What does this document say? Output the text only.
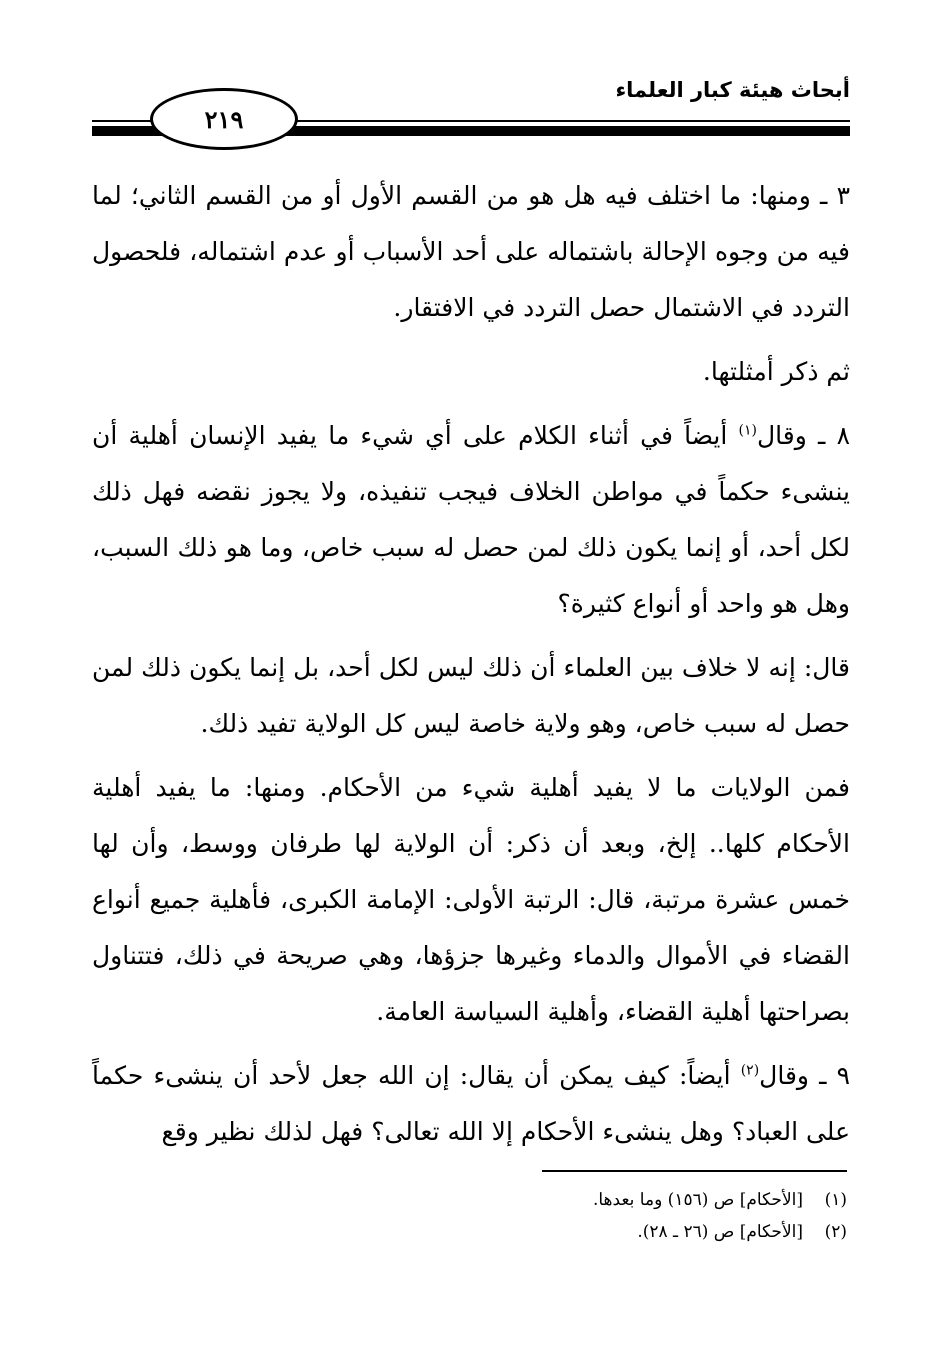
أبحاث هيئة كبار العلماء
٢١٩

٣ ـ ومنها: ما اختلف فيه هل هو من القسم الأول أو من القسم الثاني؛ لما فيه من وجوه الإحالة باشتماله على أحد الأسباب أو عدم اشتماله، فلحصول التردد في الاشتمال حصل التردد في الافتقار.

ثم ذكر أمثلتها.

٨ ـ وقال$^{(١)}$ أيضاً في أثناء الكلام على أي شيء ما يفيد الإنسان أهلية أن ينشىء حكماً في مواطن الخلاف فيجب تنفيذه، ولا يجوز نقضه فهل ذلك لكل أحد، أو إنما يكون ذلك لمن حصل له سبب خاص، وما هو ذلك السبب، وهل هو واحد أو أنواع كثيرة؟

قال: إنه لا خلاف بين العلماء أن ذلك ليس لكل أحد، بل إنما يكون ذلك لمن حصل له سبب خاص، وهو ولاية خاصة ليس كل الولاية تفيد ذلك.

فمن الولايات ما لا يفيد أهلية شيء من الأحكام. ومنها: ما يفيد أهلية الأحكام كلها.. إلخ، وبعد أن ذكر: أن الولاية لها طرفان ووسط، وأن لها خمس عشرة مرتبة، قال: الرتبة الأولى: الإمامة الكبرى، فأهلية جميع أنواع القضاء في الأموال والدماء وغيرها جزؤها، وهي صريحة في ذلك، فتتناول بصراحتها أهلية القضاء، وأهلية السياسة العامة.

٩ ـ وقال$^{(٢)}$ أيضاً: كيف يمكن أن يقال: إن الله جعل لأحد أن ينشىء حكماً على العباد؟ وهل ينشىء الأحكام إلا الله تعالى؟ فهل لذلك نظير وقع

(١)[الأحكام] ص (١٥٦) وما بعدها.

(٢)[الأحكام] ص (٢٦ ـ ٢٨).
